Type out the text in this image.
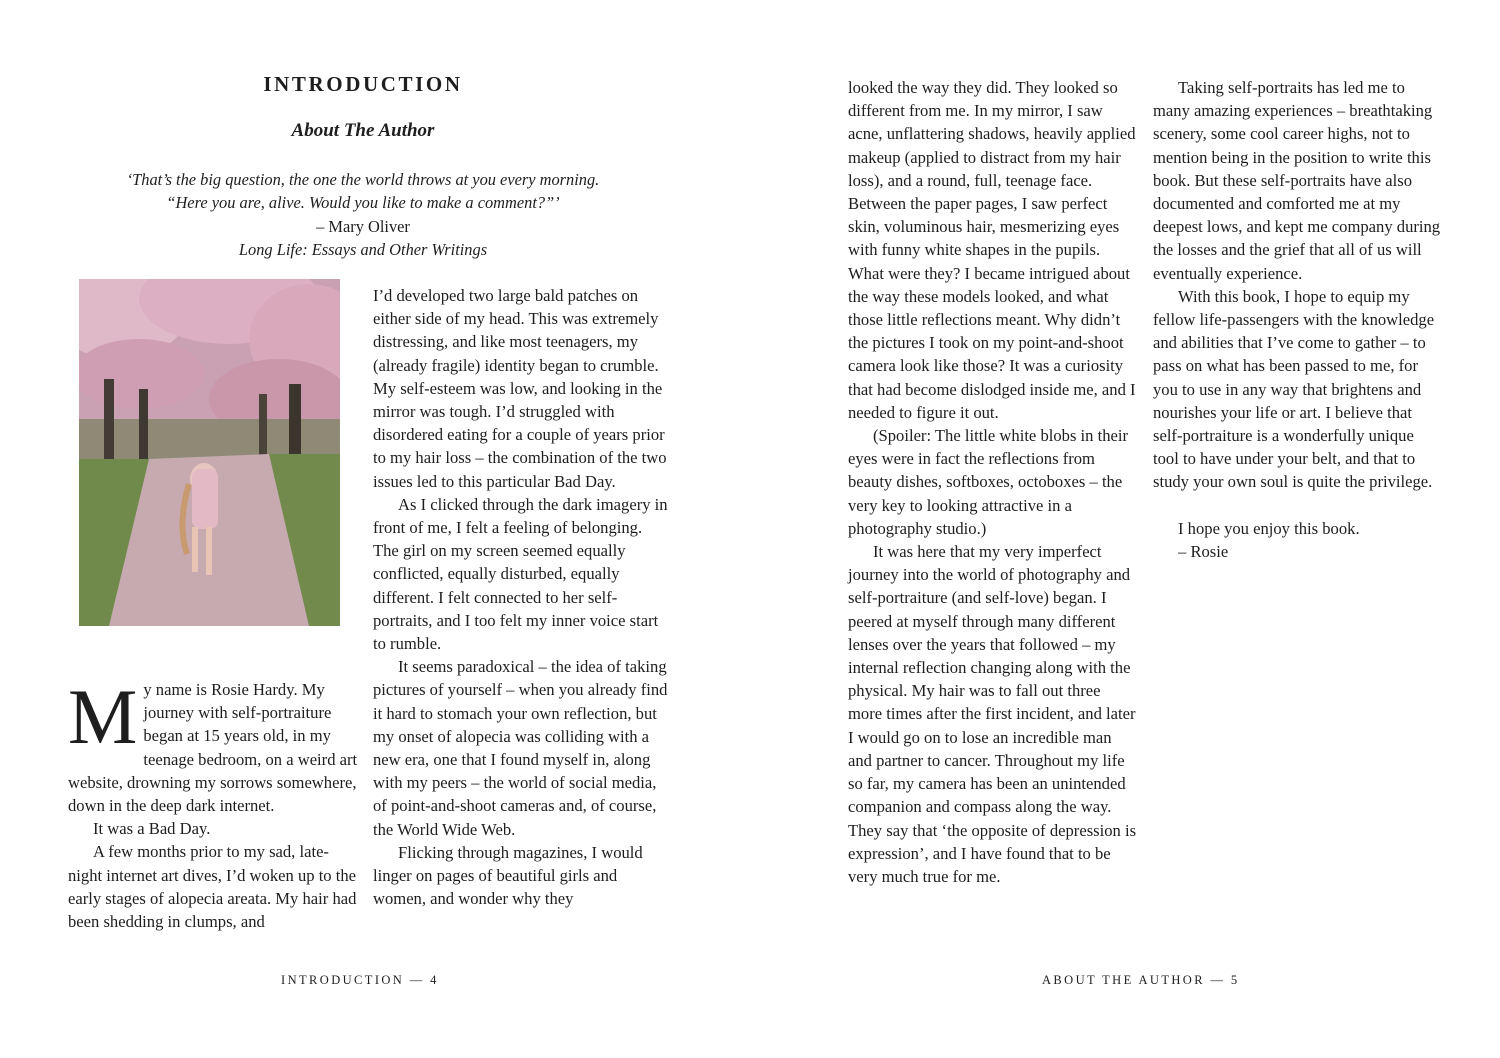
INTRODUCTION
About The Author
‘That’s the big question, the one the world throws at you every morning.
“Here you are, alive. Would you like to make a comment?”’
– Mary Oliver
Long Life: Essays and Other Writings

My name is Rosie Hardy. My journey with self-portraiture began at 15 years old, in my teenage bedroom, on a weird art website, drowning my sorrows somewhere, down in the deep dark internet.

It was a Bad Day.

A few months prior to my sad, late-night internet art dives, I’d woken up to the early stages of alopecia areata. My hair had been shedding in clumps, and

I’d developed two large bald patches on either side of my head. This was extremely distressing, and like most teenagers, my (already fragile) identity began to crumble. My self-esteem was low, and looking in the mirror was tough. I’d struggled with disordered eating for a couple of years prior to my hair loss – the combination of the two issues led to this particular Bad Day.

As I clicked through the dark imagery in front of me, I felt a feeling of belonging. The girl on my screen seemed equally conflicted, equally disturbed, equally different. I felt connected to her self-portraits, and I too felt my inner voice start to rumble.

It seems paradoxical – the idea of taking pictures of yourself – when you already find it hard to stomach your own reflection, but my onset of alopecia was colliding with a new era, one that I found myself in, along with my peers – the world of social media, of point-and-shoot cameras and, of course, the World Wide Web.

Flicking through magazines, I would linger on pages of beautiful girls and women, and wonder why they

INTRODUCTION — 4

looked the way they did. They looked so different from me. In my mirror, I saw acne, unflattering shadows, heavily applied makeup (applied to distract from my hair loss), and a round, full, teenage face. Between the paper pages, I saw perfect skin, voluminous hair, mesmerizing eyes with funny white shapes in the pupils. What were they? I became intrigued about the way these models looked, and what those little reflections meant. Why didn’t the pictures I took on my point-and-shoot camera look like those? It was a curiosity that had become dislodged inside me, and I needed to figure it out.

(Spoiler: The little white blobs in their eyes were in fact the reflections from beauty dishes, softboxes, octoboxes – the very key to looking attractive in a photography studio.)

It was here that my very imperfect journey into the world of photography and self-portraiture (and self-love) began. I peered at myself through many different lenses over the years that followed – my internal reflection changing along with the physical. My hair was to fall out three more times after the first incident, and later I would go on to lose an incredible man and partner to cancer. Throughout my life so far, my camera has been an unintended companion and compass along the way. They say that ‘the opposite of depression is expression’, and I have found that to be very much true for me.

Taking self-portraits has led me to many amazing experiences – breathtaking scenery, some cool career highs, not to mention being in the position to write this book. But these self-portraits have also documented and comforted me at my deepest lows, and kept me company during the losses and the grief that all of us will eventually experience.

With this book, I hope to equip my fellow life-passengers with the knowledge and abilities that I’ve come to gather – to pass on what has been passed to me, for you to use in any way that brightens and nourishes your life or art. I believe that self-portraiture is a wonderfully unique tool to have under your belt, and that to study your own soul is quite the privilege.

I hope you enjoy this book.

– Rosie

ABOUT THE AUTHOR — 5
